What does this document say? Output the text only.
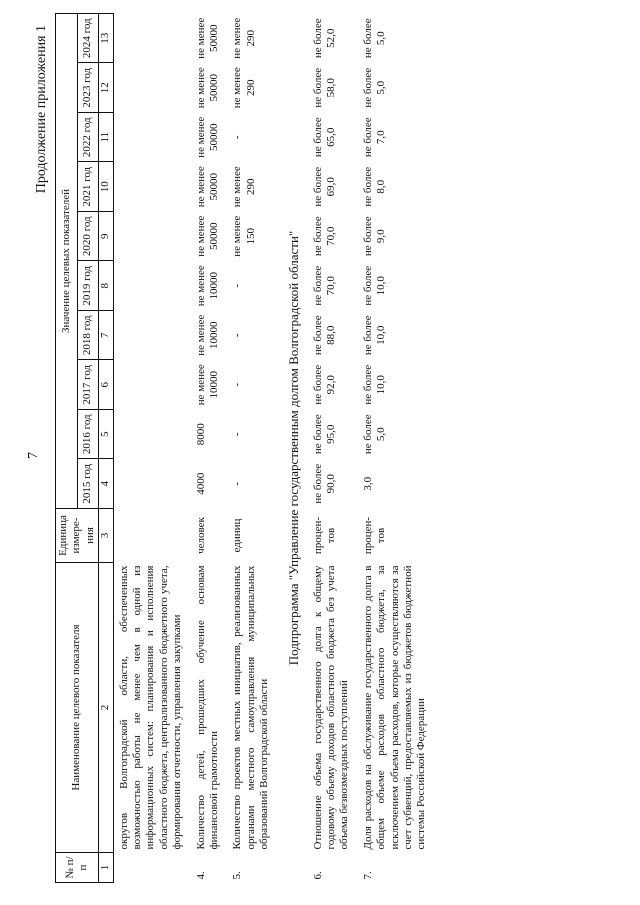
7
Продолжение приложения 1
№ п/п	Наименование целевого показателя	Единица измере-ния	Значение целевых показателей									
			2015 год	2016 год	2017 год	2018 год	2019 год	2020 год	2021 год	2022 год	2023 год	2024 год
1	2	3	4	5	6	7	8	9	10	11	12	13
	округов Волгоградской области, обеспеченных возможностью работы не менее чем в одной из информационных систем: планирования и исполнения областного бюджета, централизованного бюджетного учета, формирования отчетности, управления закупками											
4.	Количество детей, прошедших обучение основам финансовой грамотности	человек	4000	8000	не менее 10000	не менее 10000	не менее 10000	не менее 50000	не менее 50000	не менее 50000	не менее 50000	не менее 50000
5.	Количество проектов местных инициатив, реализованных органами местного самоуправления муниципальных образований Волгоградской области	единиц	-	-	-	-	-	не менее 150	не менее 290	-	не менее 290	не менее 290
Подпрограмма "Управление государственным долгом Волгоградской области"												
6.	Отношение объема государственного долга к общему годовому объему доходов областного бюджета без учета объема безвозмездных поступлений	процен-тов	не более 90,0	не более 95,0	не более 92,0	не более 88,0	не более 70,0	не более 70,0	не более 69,0	не более 65,0	не более 58,0	не более 52,0
7.	Доля расходов на обслуживание государственного долга в общем объеме расходов областного бюджета, за исключением объема расходов, которые осуществляются за счет субвенций, предоставляемых из бюджетов бюджетной системы Российской Федерации	процен-тов	3,0	не более 5,0	не более 10,0	не более 10,0	не более 10,0	не более 9,0	не более 8,0	не более 7,0	не более 5,0	не более 5,0
